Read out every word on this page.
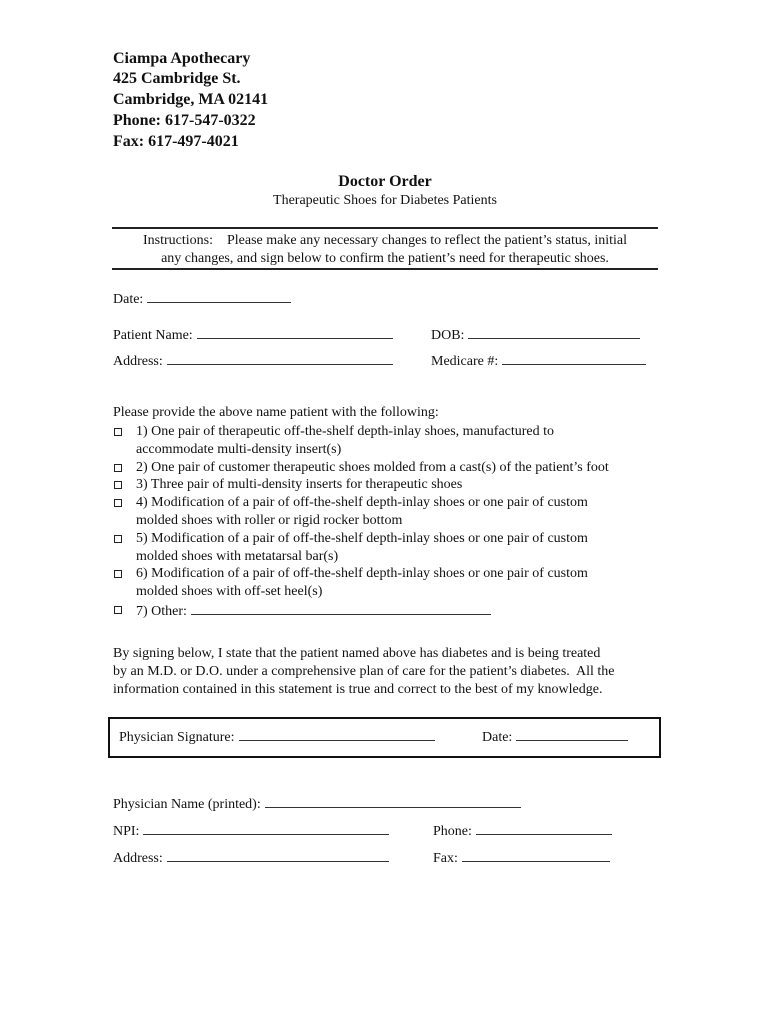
Ciampa Apothecary
425 Cambridge St.
Cambridge, MA 02141
Phone: 617-547-0322
Fax: 617-497-4021
Doctor Order
Therapeutic Shoes for Diabetes Patients
Instructions:    Please make any necessary changes to reflect the patient’s status, initial
any changes, and sign below to confirm the patient’s need for therapeutic shoes.
Date:
Patient Name:	DOB:
Address:	Medicare #:
Please provide the above name patient with the following:
1) One pair of therapeutic off-the-shelf depth-inlay shoes, manufactured to
accommodate multi-density insert(s)
2) One pair of customer therapeutic shoes molded from a cast(s) of the patient’s foot
3) Three pair of multi-density inserts for therapeutic shoes
4) Modification of a pair of off-the-shelf depth-inlay shoes or one pair of custom
molded shoes with roller or rigid rocker bottom
5) Modification of a pair of off-the-shelf depth-inlay shoes or one pair of custom
molded shoes with metatarsal bar(s)
6) Modification of a pair of off-the-shelf depth-inlay shoes or one pair of custom
molded shoes with off-set heel(s)
7) Other:
By signing below, I state that the patient named above has diabetes and is being treated
by an M.D. or D.O. under a comprehensive plan of care for the patient’s diabetes.  All the
information contained in this statement is true and correct to the best of my knowledge.
Physician Signature:	Date:
Physician Name (printed):
NPI:	Phone:
Address:	Fax:
